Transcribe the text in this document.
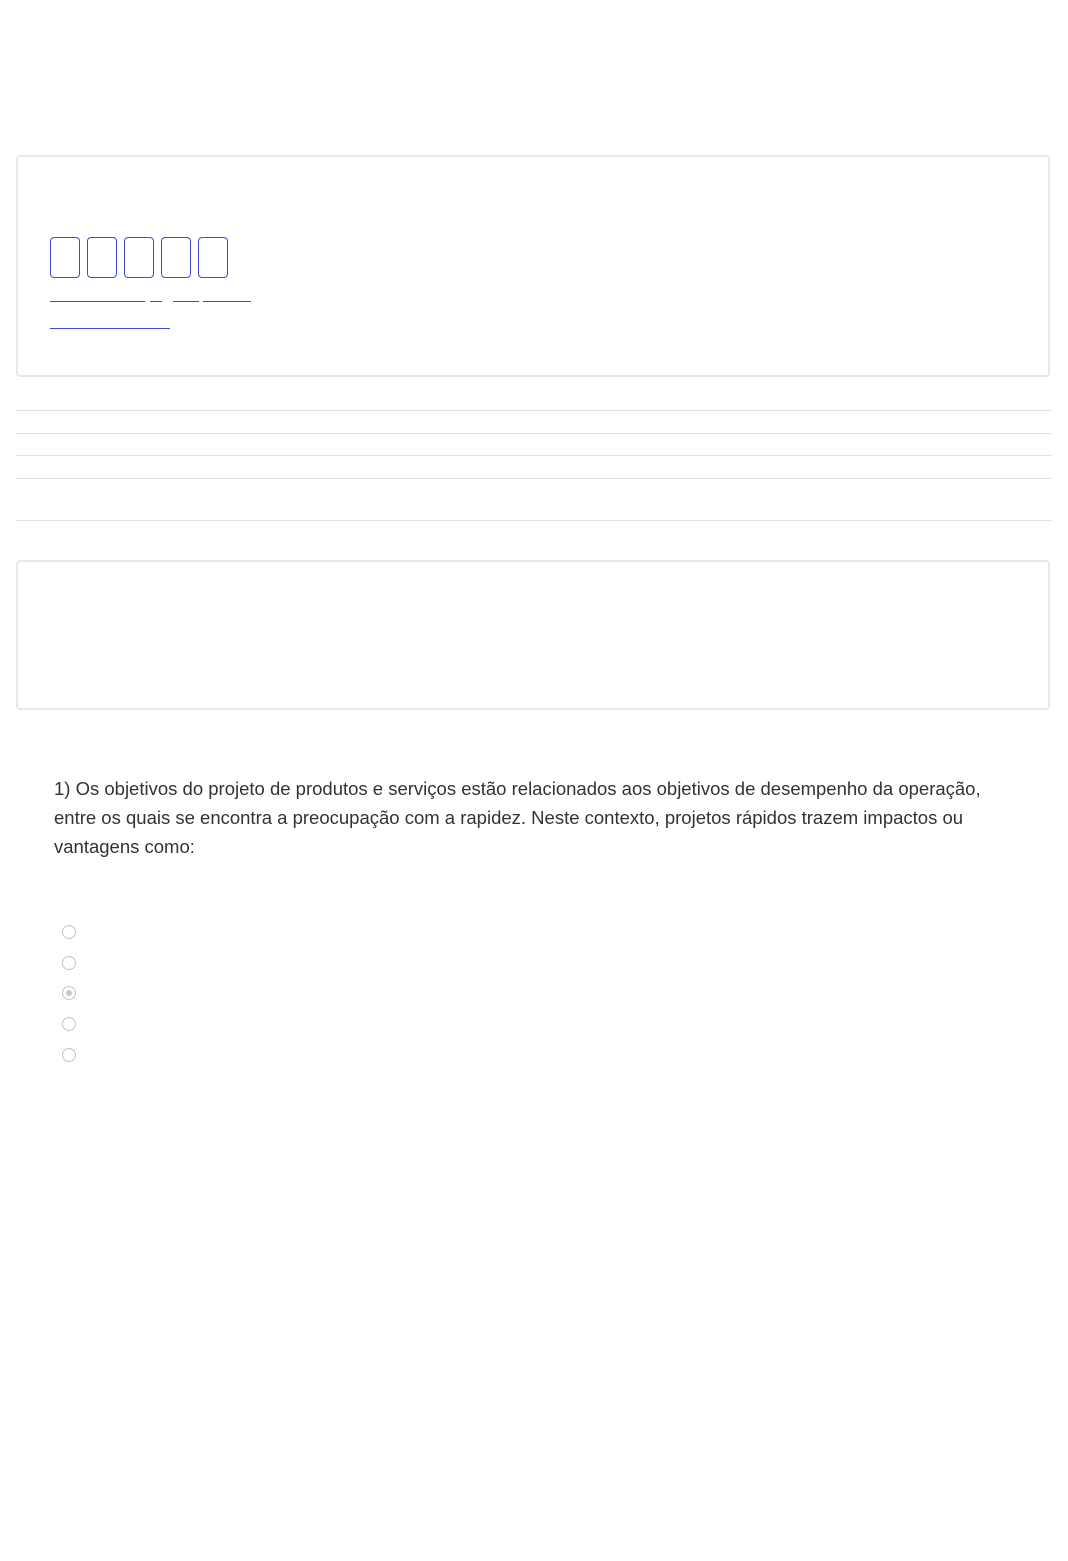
1) Os objetivos do projeto de produtos e serviços estão relacionados aos objetivos de desempenho da operação, entre os quais se encontra a preocupação com a rapidez. Neste contexto, projetos rápidos trazem impactos ou vantagens como:
